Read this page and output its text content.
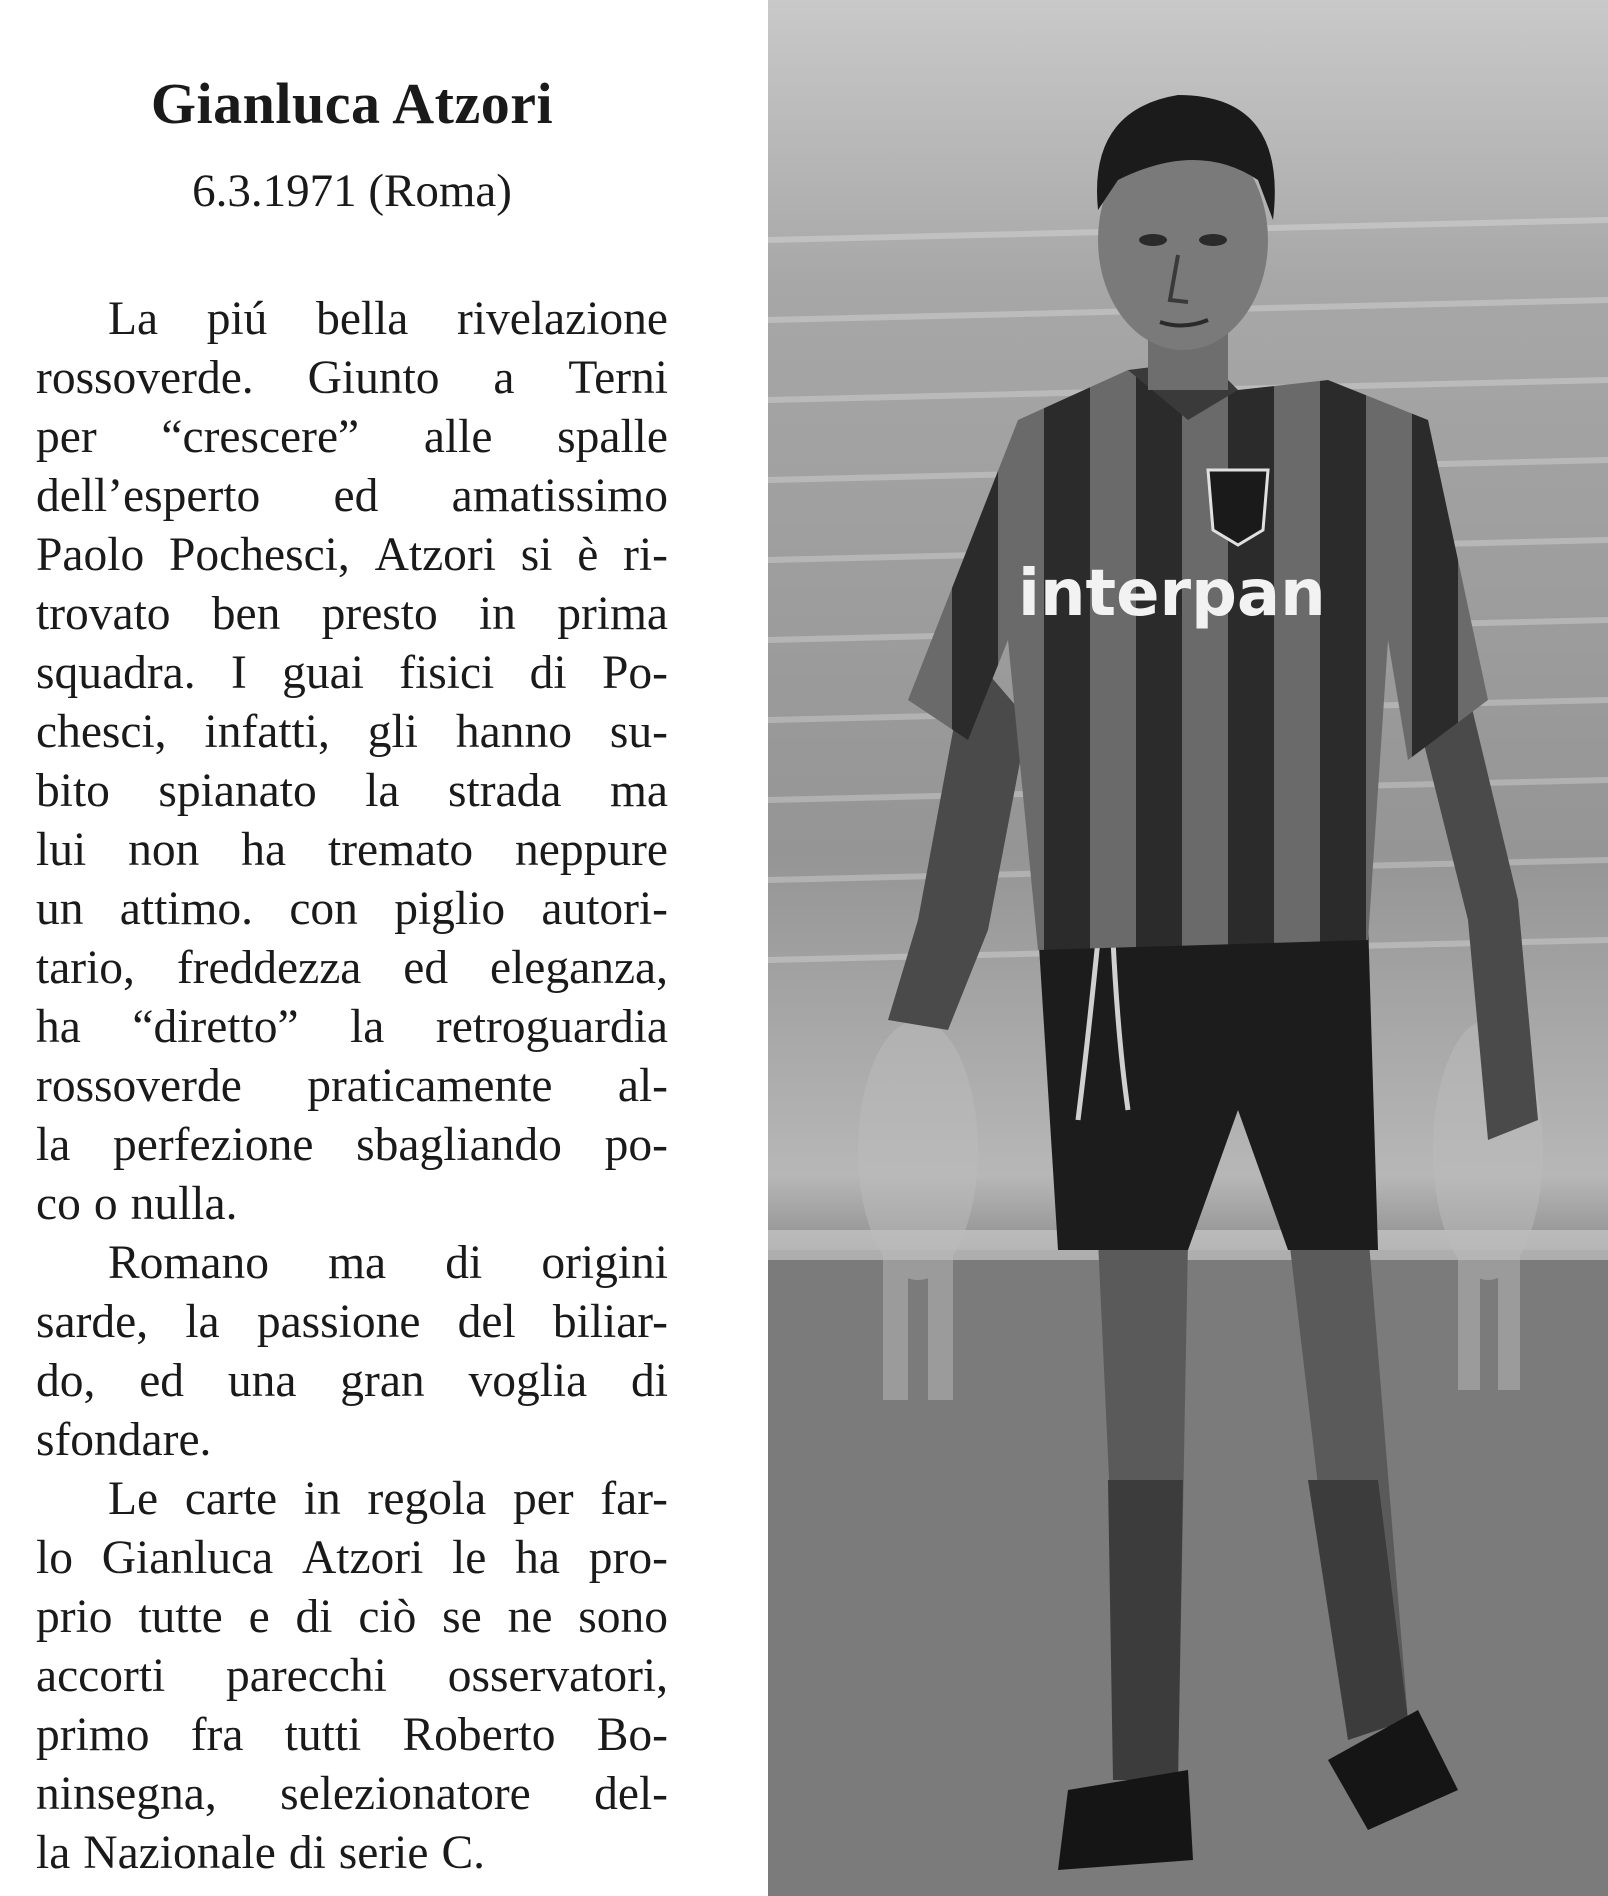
Gianluca Atzori
6.3.1971 (Roma)
La piú bella rivelazione
rossoverde. Giunto a Terni
per “crescere” alle spalle
dell’esperto ed amatissimo
Paolo Pochesci, Atzori si è ri-
trovato ben presto in prima
squadra. I guai fisici di Po-
chesci, infatti, gli hanno su-
bito spianato la strada ma
lui non ha tremato neppure
un attimo. con piglio autori-
tario, freddezza ed eleganza,
ha “diretto” la retroguardia
rossoverde praticamente al-
la perfezione sbagliando po-
co o nulla.
Romano ma di origini
sarde, la passione del biliar-
do, ed una gran voglia di
sfondare.
Le carte in regola per far-
lo Gianluca Atzori le ha pro-
prio tutte e di ciò se ne sono
accorti parecchi osservatori,
primo fra tutti Roberto Bo-
ninsegna, selezionatore del-
la Nazionale di serie C.
interpan
